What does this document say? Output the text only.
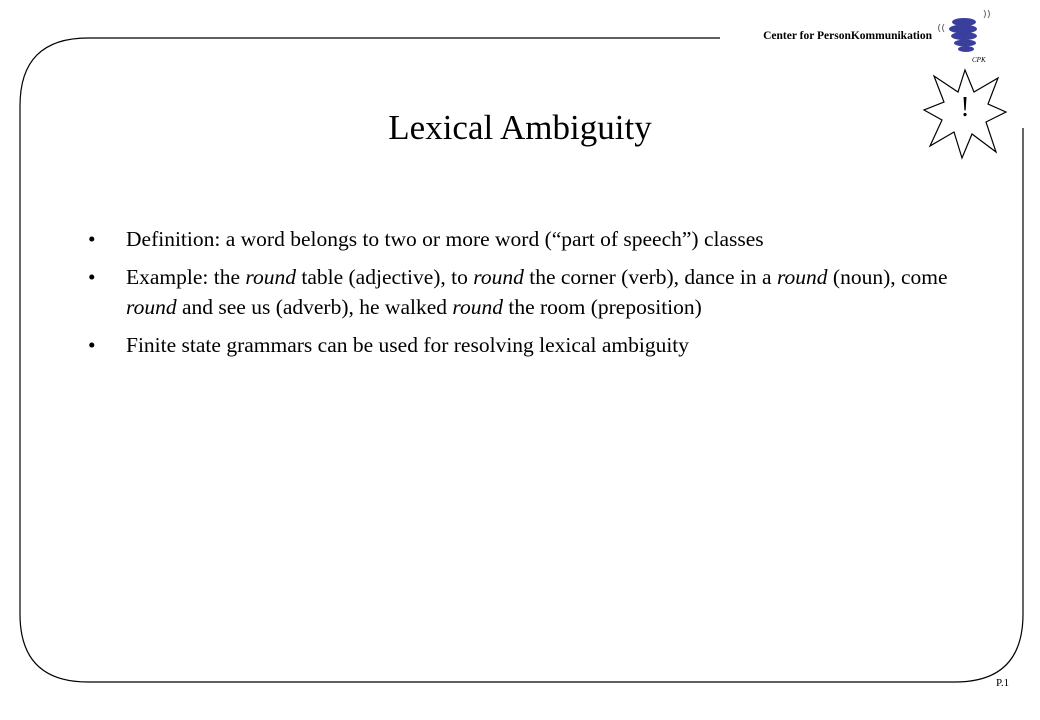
Center for PersonKommunikation
CPK
!
Lexical Ambiguity
• Definition: a word belongs to two or more word (“part of speech”) classes
• Example: the round table (adjective), to round the corner (verb), dance in a round (noun), come round and see us (adverb), he walked round the room (preposition)
• Finite state grammars can be used for resolving lexical ambiguity
P.1
